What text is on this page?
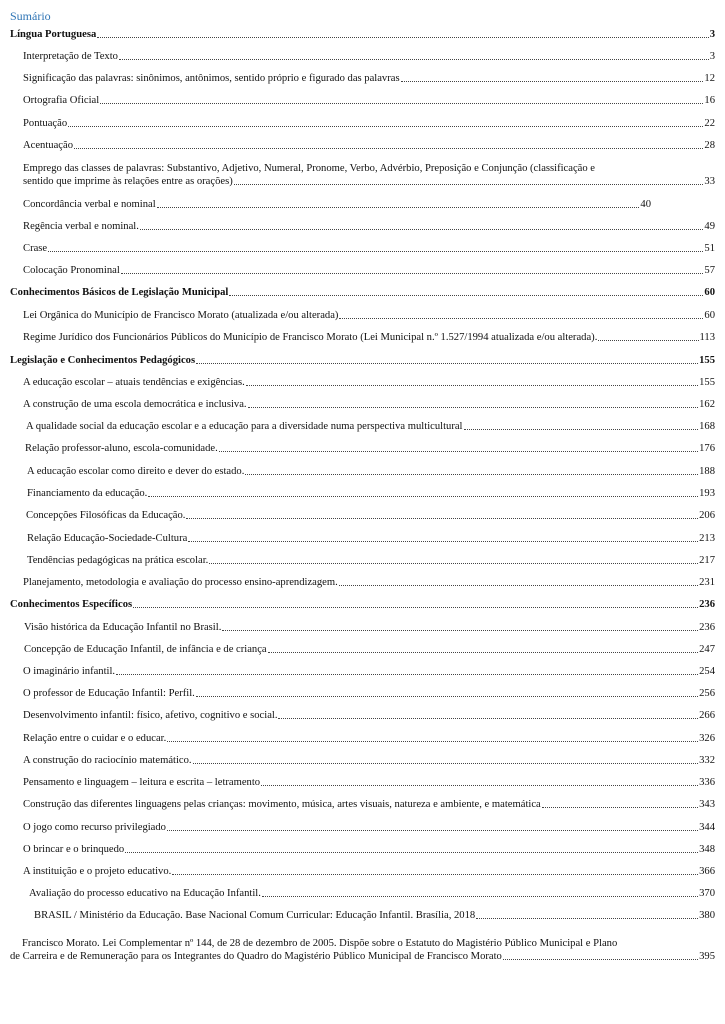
Sumário
Língua Portuguesa	3
Interpretação de Texto	3
Significação das palavras: sinônimos, antônimos, sentido próprio e figurado das palavras	12
Ortografia Oficial	16
Pontuação	22
Acentuação	28
Emprego das classes de palavras: Substantivo, Adjetivo, Numeral, Pronome, Verbo, Advérbio, Preposição e Conjunção (classificação e
sentido que imprime às relações entre as orações)	33
Concordância verbal e nominal	40
Regência verbal e nominal.	49
Crase	51
Colocação Pronominal	57
Conhecimentos Básicos de Legislação Municipal	60
Lei Orgânica do Município de Francisco Morato (atualizada e/ou alterada)	60
Regime Jurídico dos Funcionários Públicos do Município de Francisco Morato (Lei Municipal n.º 1.527/1994 atualizada e/ou alterada).	113
Legislação e Conhecimentos Pedagógicos	155
A educação escolar – atuais tendências e exigências.	155
A construção de uma escola democrática e inclusiva.	162
A qualidade social da educação escolar e a educação para a diversidade numa perspectiva multicultural	168
Relação professor-aluno, escola-comunidade.	176
A educação escolar como direito e dever do estado.	188
Financiamento da educação.	193
Concepções Filosóficas da Educação.	206
Relação Educação-Sociedade-Cultura	213
Tendências pedagógicas na prática escolar.	217
Planejamento, metodologia e avaliação do processo ensino-aprendizagem.	231
Conhecimentos Específicos	236
Visão histórica da Educação Infantil no Brasil.	236
Concepção de Educação Infantil, de infância e de criança	247
O imaginário infantil.	254
O professor de Educação Infantil: Perfil.	256
Desenvolvimento infantil: físico, afetivo, cognitivo e social.	266
Relação entre o cuidar e o educar.	326
A construção do raciocínio matemático.	332
Pensamento e linguagem – leitura e escrita – letramento	336
Construção das diferentes linguagens pelas crianças: movimento, música, artes visuais, natureza e ambiente, e matemática	343
O jogo como recurso privilegiado	344
O brincar e o brinquedo	348
A instituição e o projeto educativo.	366
Avaliação do processo educativo na Educação Infantil.	370
BRASIL / Ministério da Educação. Base Nacional Comum Curricular: Educação Infantil. Brasília, 2018	380
Francisco Morato. Lei Complementar nº 144, de 28 de dezembro de 2005. Dispõe sobre o Estatuto do Magistério Público Municipal e Plano
de Carreira e de Remuneração para os Integrantes do Quadro do Magistério Público Municipal de Francisco Morato	395
